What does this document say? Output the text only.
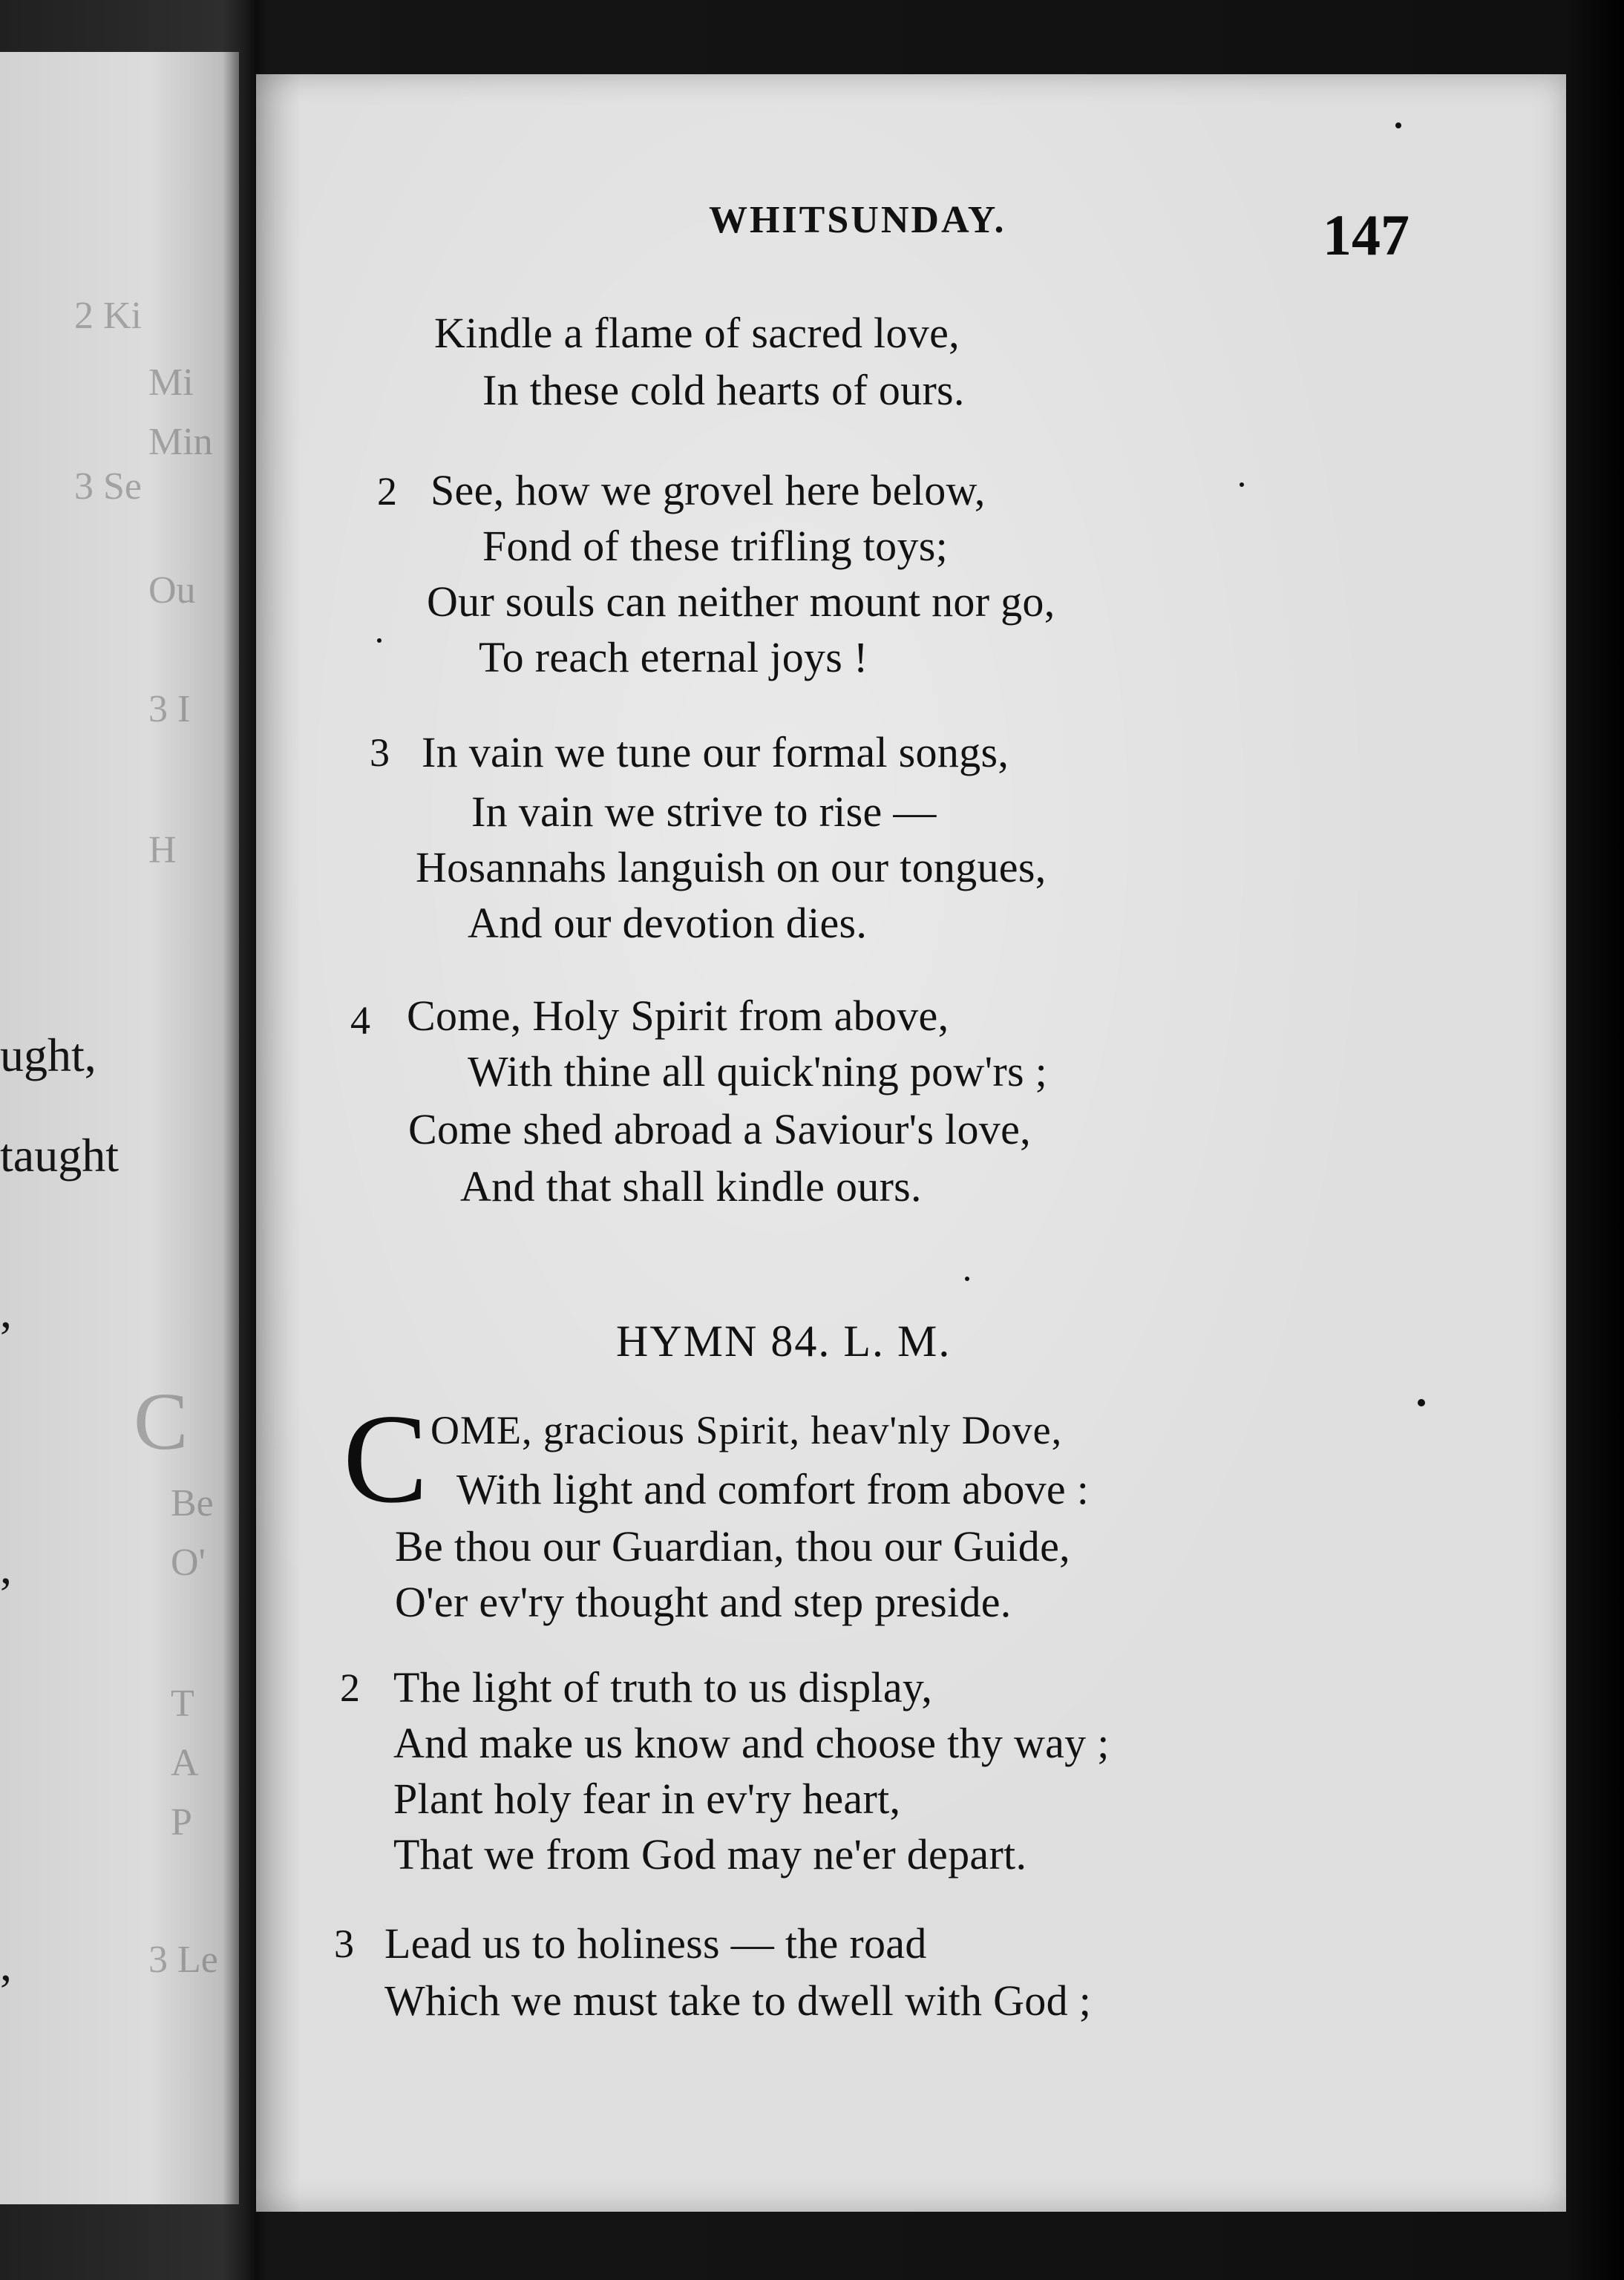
2 Ki
Mi
Min
3 Se
Ou
3 I
H
ught,
taught
,
,
C
Be
O'
T
A
P
,	3 Le
WHITSUNDAY.	147
Kindle a flame of sacred love,
In these cold hearts of ours.
2 See, how we grovel here below,
Fond of these trifling toys;
Our souls can neither mount nor go,
To reach eternal joys !
3 In vain we tune our formal songs,
In vain we strive to rise —
Hosannahs languish on our tongues,
And our devotion dies.
4 Come, Holy Spirit from above,
With thine all quick'ning pow'rs ;
Come shed abroad a Saviour's love,
And that shall kindle ours.
HYMN 84. L. M.
C OME, gracious Spirit, heav'nly Dove,
With light and comfort from above :
Be thou our Guardian, thou our Guide,
O'er ev'ry thought and step preside.
2 The light of truth to us display,
And make us know and choose thy way ;
Plant holy fear in ev'ry heart,
That we from God may ne'er depart.
3 Lead us to holiness — the road
Which we must take to dwell with God ;
